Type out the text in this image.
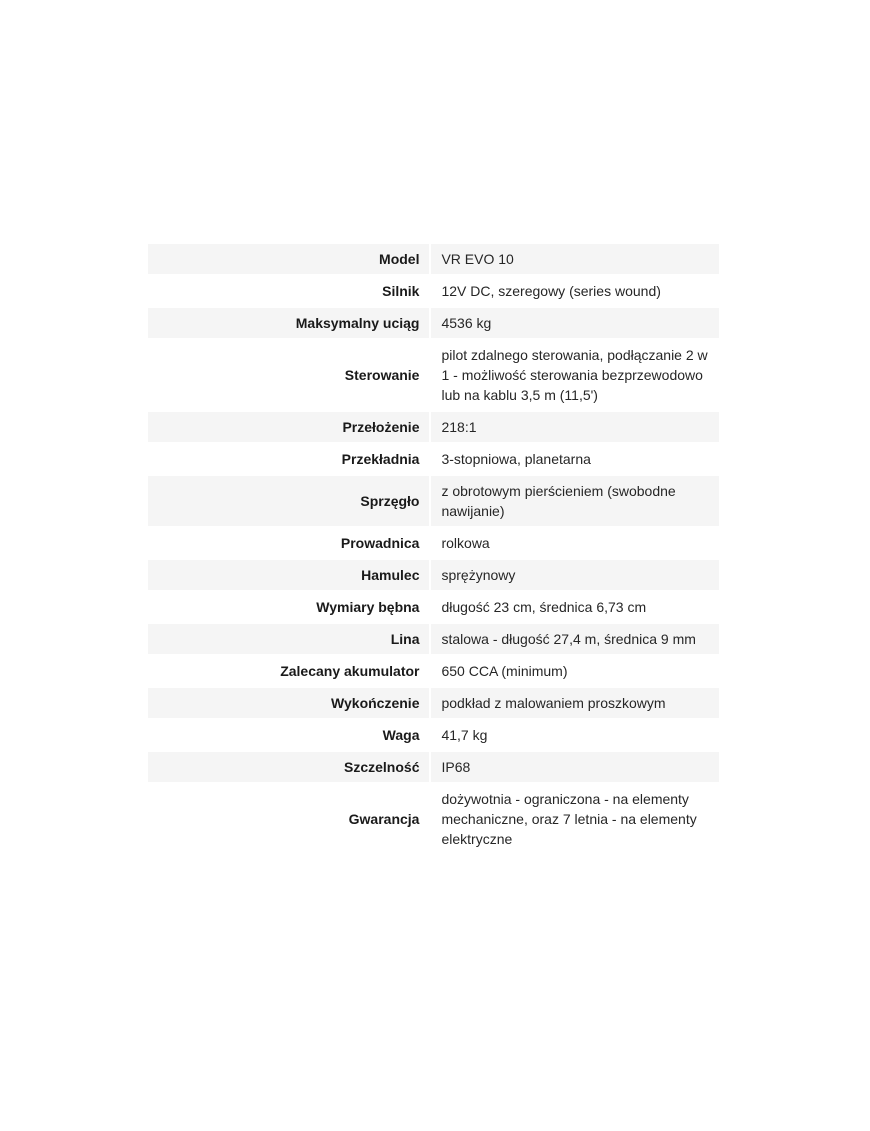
Model		VR EVO 10
Silnik		12V DC, szeregowy (series wound)
Maksymalny uciąg		4536 kg
Sterowanie		pilot zdalnego sterowania, podłączanie 2 w 1 - możliwość sterowania bezprzewodowo lub na kablu 3,5 m (11,5')
Przełożenie		218:1
Przekładnia		3-stopniowa, planetarna
Sprzęgło		z obrotowym pierścieniem (swobodne nawijanie)
Prowadnica		rolkowa
Hamulec		sprężynowy
Wymiary bębna		długość 23 cm, średnica 6,73 cm
Lina		stalowa - długość 27,4 m, średnica 9 mm
Zalecany akumulator		650 CCA (minimum)
Wykończenie		podkład z malowaniem proszkowym
Waga		41,7 kg
Szczelność		IP68
Gwarancja		dożywotnia - ograniczona - na elementy mechaniczne, oraz 7 letnia - na elementy elektryczne
